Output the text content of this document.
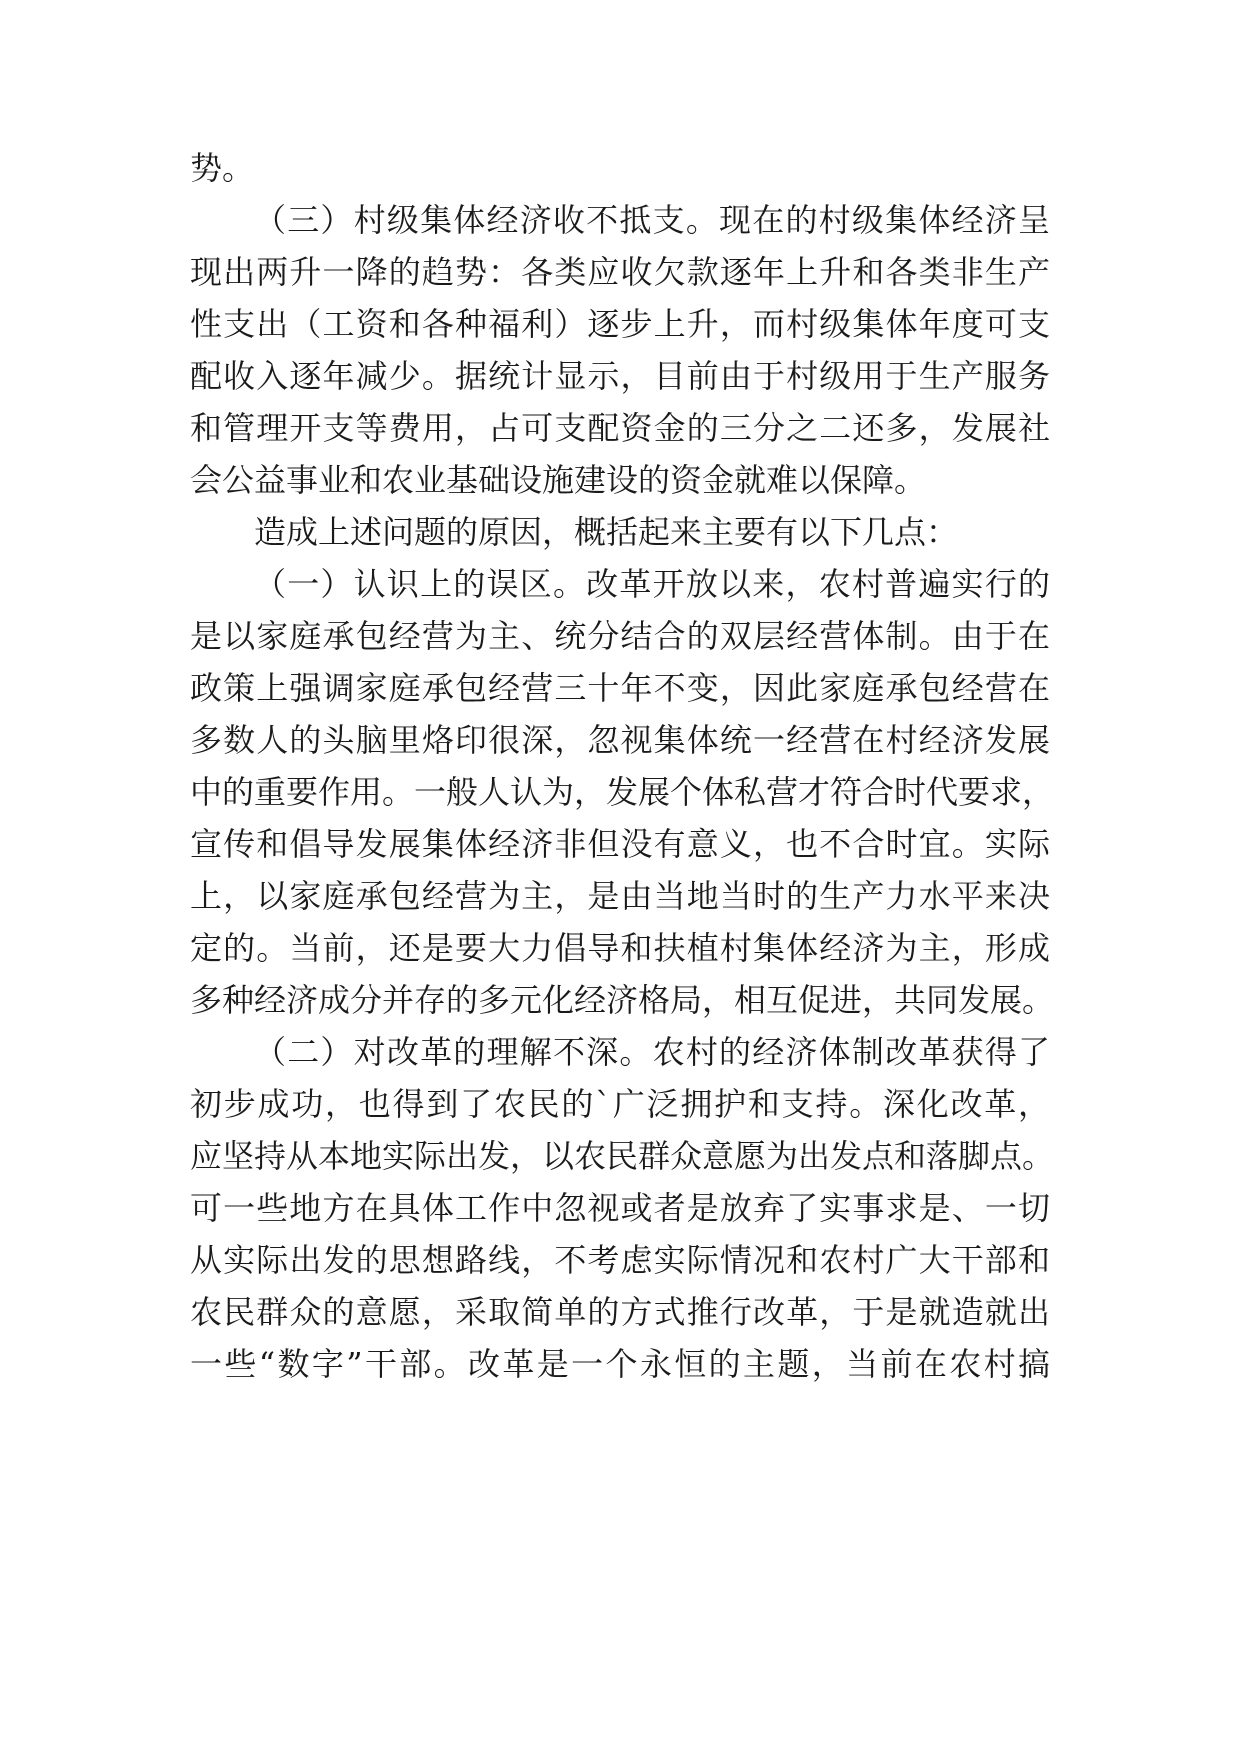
势。
（三）村级集体经济收不抵支。现在的村级集体经济呈
现出两升一降的趋势：各类应收欠款逐年上升和各类非生产
性支出（工资和各种福利）逐步上升，而村级集体年度可支
配收入逐年减少。据统计显示，目前由于村级用于生产服务
和管理开支等费用，占可支配资金的三分之二还多，发展社
会公益事业和农业基础设施建设的资金就难以保障。
造成上述问题的原因，概括起来主要有以下几点：
（一）认识上的误区。改革开放以来，农村普遍实行的
是以家庭承包经营为主、统分结合的双层经营体制。由于在
政策上强调家庭承包经营三十年不变，因此家庭承包经营在
多数人的头脑里烙印很深，忽视集体统一经营在村经济发展
中的重要作用。一般人认为，发展个体私营才符合时代要求，
宣传和倡导发展集体经济非但没有意义，也不合时宜。实际
上，以家庭承包经营为主，是由当地当时的生产力水平来决
定的。当前，还是要大力倡导和扶植村集体经济为主，形成
多种经济成分并存的多元化经济格局，相互促进，共同发展。
（二）对改革的理解不深。农村的经济体制改革获得了
初步成功，也得到了农民的`广泛拥护和支持。深化改革，
应坚持从本地实际出发，以农民群众意愿为出发点和落脚点。
可一些地方在具体工作中忽视或者是放弃了实事求是、一切
从实际出发的思想路线，不考虑实际情况和农村广大干部和
农民群众的意愿，采取简单的方式推行改革，于是就造就出
一些“数字”干部。改革是一个永恒的主题，当前在农村搞
